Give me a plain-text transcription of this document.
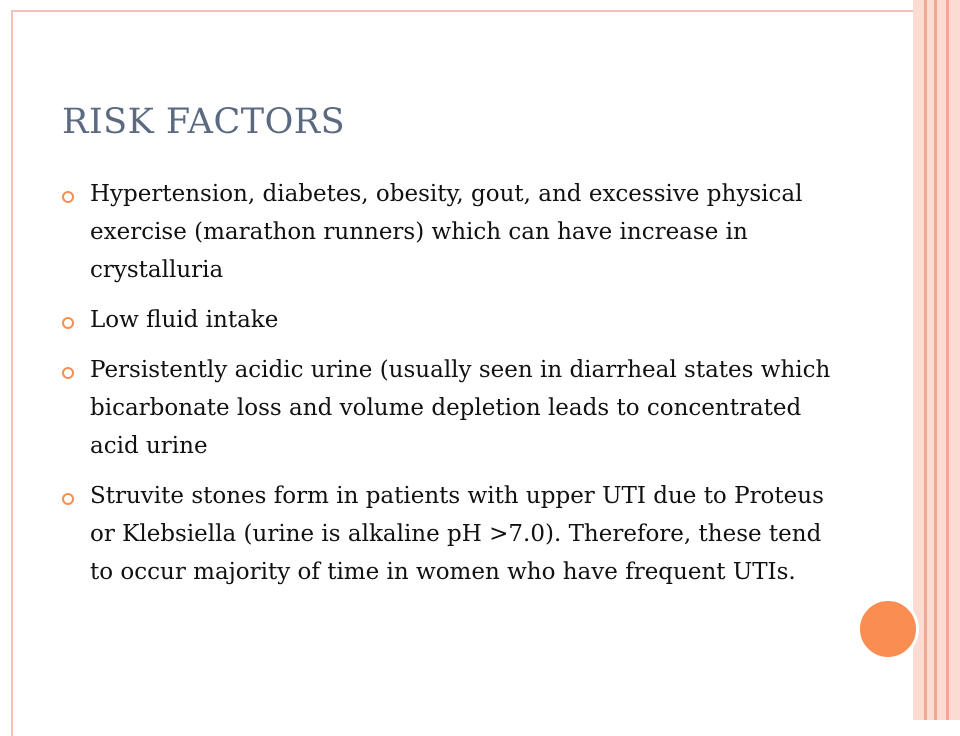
RISK FACTORS
Hypertension, diabetes, obesity, gout, and excessive physical exercise (marathon runners) which can have increase in crystalluria
Low fluid intake
Persistently acidic urine (usually seen in diarrheal states which bicarbonate loss and volume depletion leads to concentrated acid urine
Struvite stones form in patients with upper UTI due to Proteus or Klebsiella (urine is alkaline pH >7.0). Therefore, these tend to occur majority of time in women who have frequent UTIs.
